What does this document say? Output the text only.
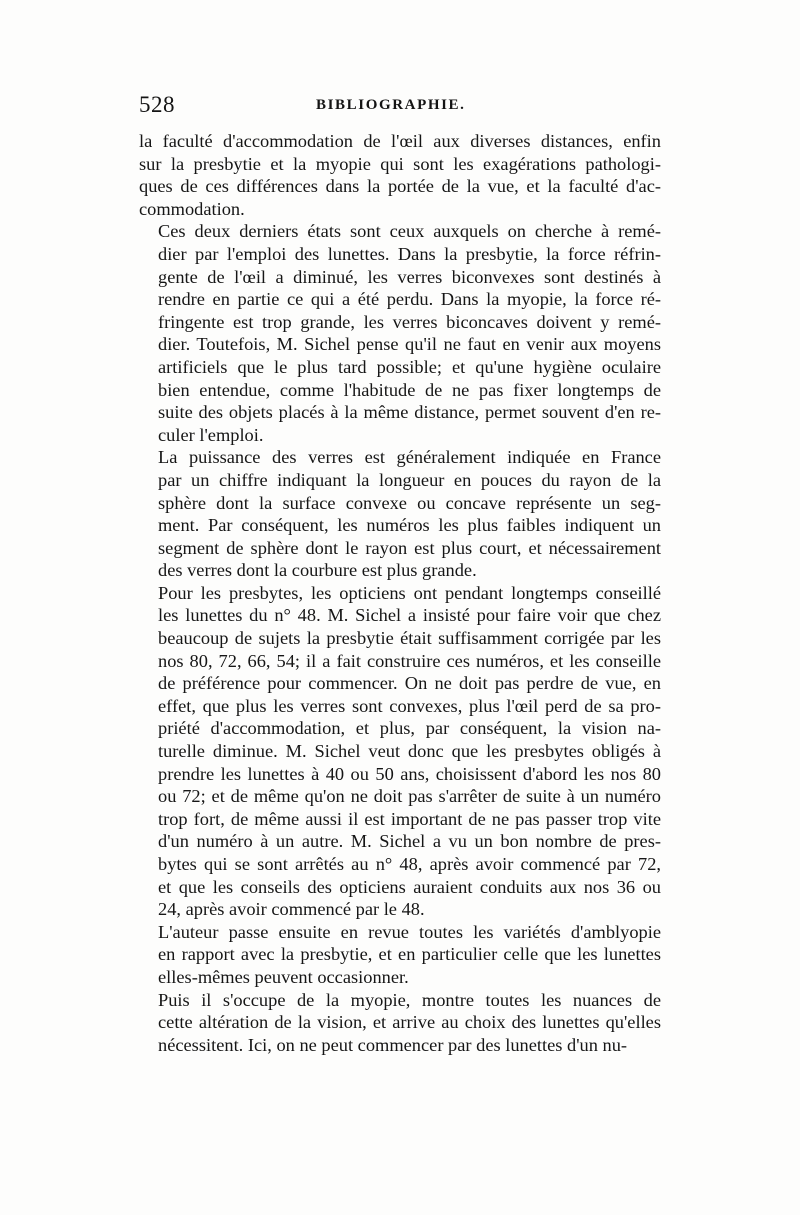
528	BIBLIOGRAPHIE.
la faculté d'accommodation de l'œil aux diverses distances, enfin
sur la presbytie et la myopie qui sont les exagérations pathologi-
ques de ces différences dans la portée de la vue, et la faculté d'ac-
commodation.
Ces deux derniers états sont ceux auxquels on cherche à remé-
dier par l'emploi des lunettes. Dans la presbytie, la force réfrin-
gente de l'œil a diminué, les verres biconvexes sont destinés à
rendre en partie ce qui a été perdu. Dans la myopie, la force ré-
fringente est trop grande, les verres biconcaves doivent y remé-
dier. Toutefois, M. Sichel pense qu'il ne faut en venir aux moyens
artificiels que le plus tard possible; et qu'une hygiène oculaire
bien entendue, comme l'habitude de ne pas fixer longtemps de
suite des objets placés à la même distance, permet souvent d'en re-
culer l'emploi.
La puissance des verres est généralement indiquée en France
par un chiffre indiquant la longueur en pouces du rayon de la
sphère dont la surface convexe ou concave représente un seg-
ment. Par conséquent, les numéros les plus faibles indiquent un
segment de sphère dont le rayon est plus court, et nécessairement
des verres dont la courbure est plus grande.
Pour les presbytes, les opticiens ont pendant longtemps conseillé
les lunettes du n° 48. M. Sichel a insisté pour faire voir que chez
beaucoup de sujets la presbytie était suffisamment corrigée par les
nos 80, 72, 66, 54; il a fait construire ces numéros, et les conseille
de préférence pour commencer. On ne doit pas perdre de vue, en
effet, que plus les verres sont convexes, plus l'œil perd de sa pro-
priété d'accommodation, et plus, par conséquent, la vision na-
turelle diminue. M. Sichel veut donc que les presbytes obligés à
prendre les lunettes à 40 ou 50 ans, choisissent d'abord les nos 80
ou 72; et de même qu'on ne doit pas s'arrêter de suite à un numéro
trop fort, de même aussi il est important de ne pas passer trop vite
d'un numéro à un autre. M. Sichel a vu un bon nombre de pres-
bytes qui se sont arrêtés au n° 48, après avoir commencé par 72,
et que les conseils des opticiens auraient conduits aux nos 36 ou
24, après avoir commencé par le 48.
L'auteur passe ensuite en revue toutes les variétés d'amblyopie
en rapport avec la presbytie, et en particulier celle que les lunettes
elles-mêmes peuvent occasionner.
Puis il s'occupe de la myopie, montre toutes les nuances de
cette altération de la vision, et arrive au choix des lunettes qu'elles
nécessitent. Ici, on ne peut commencer par des lunettes d'un nu-
